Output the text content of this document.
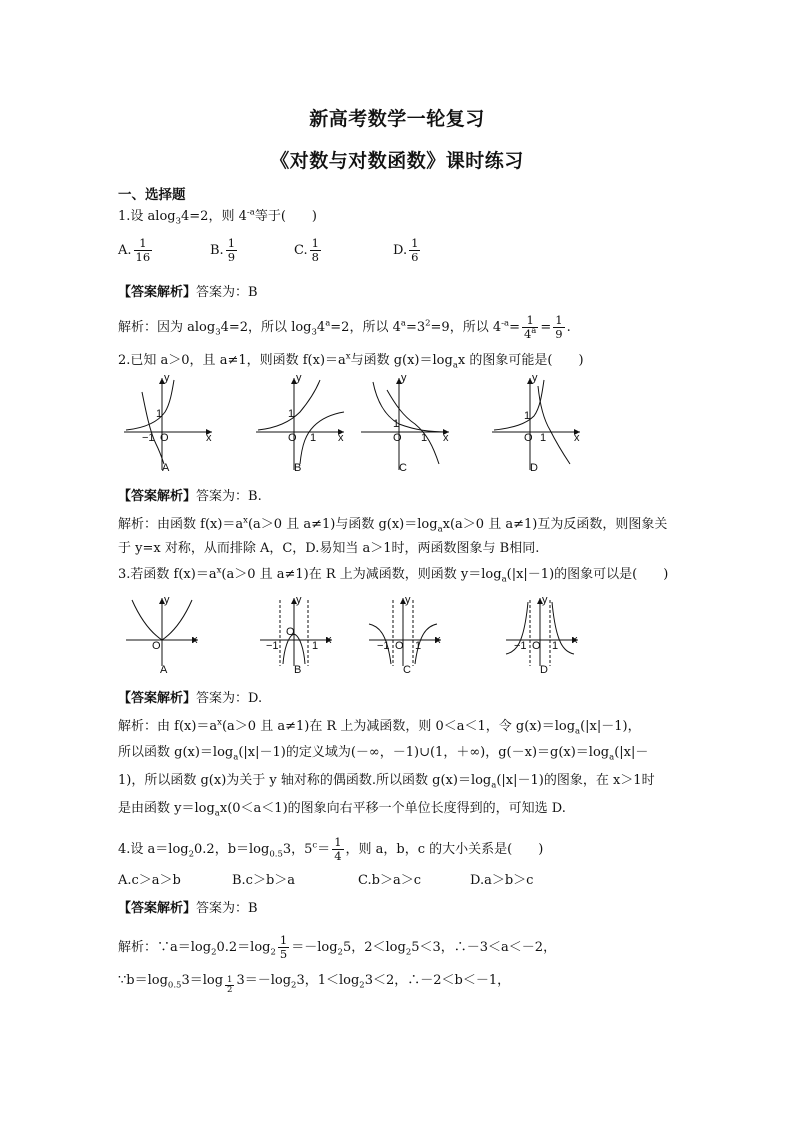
新高考数学一轮复习
《对数与对数函数》课时练习
一、选择题
1.设 alog$_3$4=2，则 $4^{-a}$等于(　　)
A. $\frac{1}{16}$	B. $\frac{1}{9}$	C. $\frac{1}{8}$	D. $\frac{1}{6}$
【答案解析】答案为：B
解析：因为 alog$_3$4=2，所以 $\log_34^a=2$，所以 $4^a=3^2=9$，所以 $4^{-a}= \frac{1}{4^a} = \frac{1}{9}$ .
2.已知 a＞0，且 a≠1，则函数 $f(x)=a^x$与函数 $g(x)=\log_ax$ 的图象可能是(　　)
x
y
1
−1 O
A
x
y
1
O 1
B
x
y
1
O 1
C
x
y
1
O 1
D
【答案解析】答案为：B.
解析：由函数 $f(x)=a^x(a>0$ 且 a≠1)与函数 $g(x)=\log_ax(a>0$ 且 a≠1)互为反函数，则图象关
于 y=x 对称，从而排除 A，C，D.易知当 a＞1时，两函数图象与 B相同.
3.若函数 $f(x)=a^x(a>0$ 且 a≠1)在 R 上为减函数，则函数 $y=\log_a(|x|-1)$的图象可以是(　　)
x
y
O
A
x
y
−1
O
1
B
x
y
−1 O 1
C
x
y
−1 O 1
D
【答案解析】答案为：D.
解析：由 $f(x)=a^x(a>0$ 且 a≠1)在 R 上为减函数，则 0＜a＜1，令 $g(x)=\log_a(|x|-1)$，
所以函数 $g(x)=\log_a(|x|-1)$的定义域为(－∞，－1)∪(1，＋∞)，$g(-x)=g(x)=\log_a(|x|-$
1)，所以函数 g(x)为关于 y 轴对称的偶函数.所以函数 $g(x)=\log_a(|x|-1)$的图象，在 x＞1时
是由函数 $y=\log_ax(0<a<1)$的图象向右平移一个单位长度得到的，可知选 D.
4.设 $a=\log_20.2$，$b=\log_{0.5}3$，$5^c= \frac{1}{4}$ ，则 a，b，c 的大小关系是(　　)
A.c＞a＞b	B.c＞b＞a	C.b＞a＞c	D.a＞b＞c
【答案解析】答案为：B
解析：$\because a=\log_20.2=\log_2 \frac{1}{5} =-\log_25$，$2<\log_25<3$，∴－3＜a＜－2，
$\because b=\log_{0.5}3=\log$ $_{\frac{1}{2}}$ $3=-\log_23$，$1<\log_23<2$，∴－2＜b＜－1，
